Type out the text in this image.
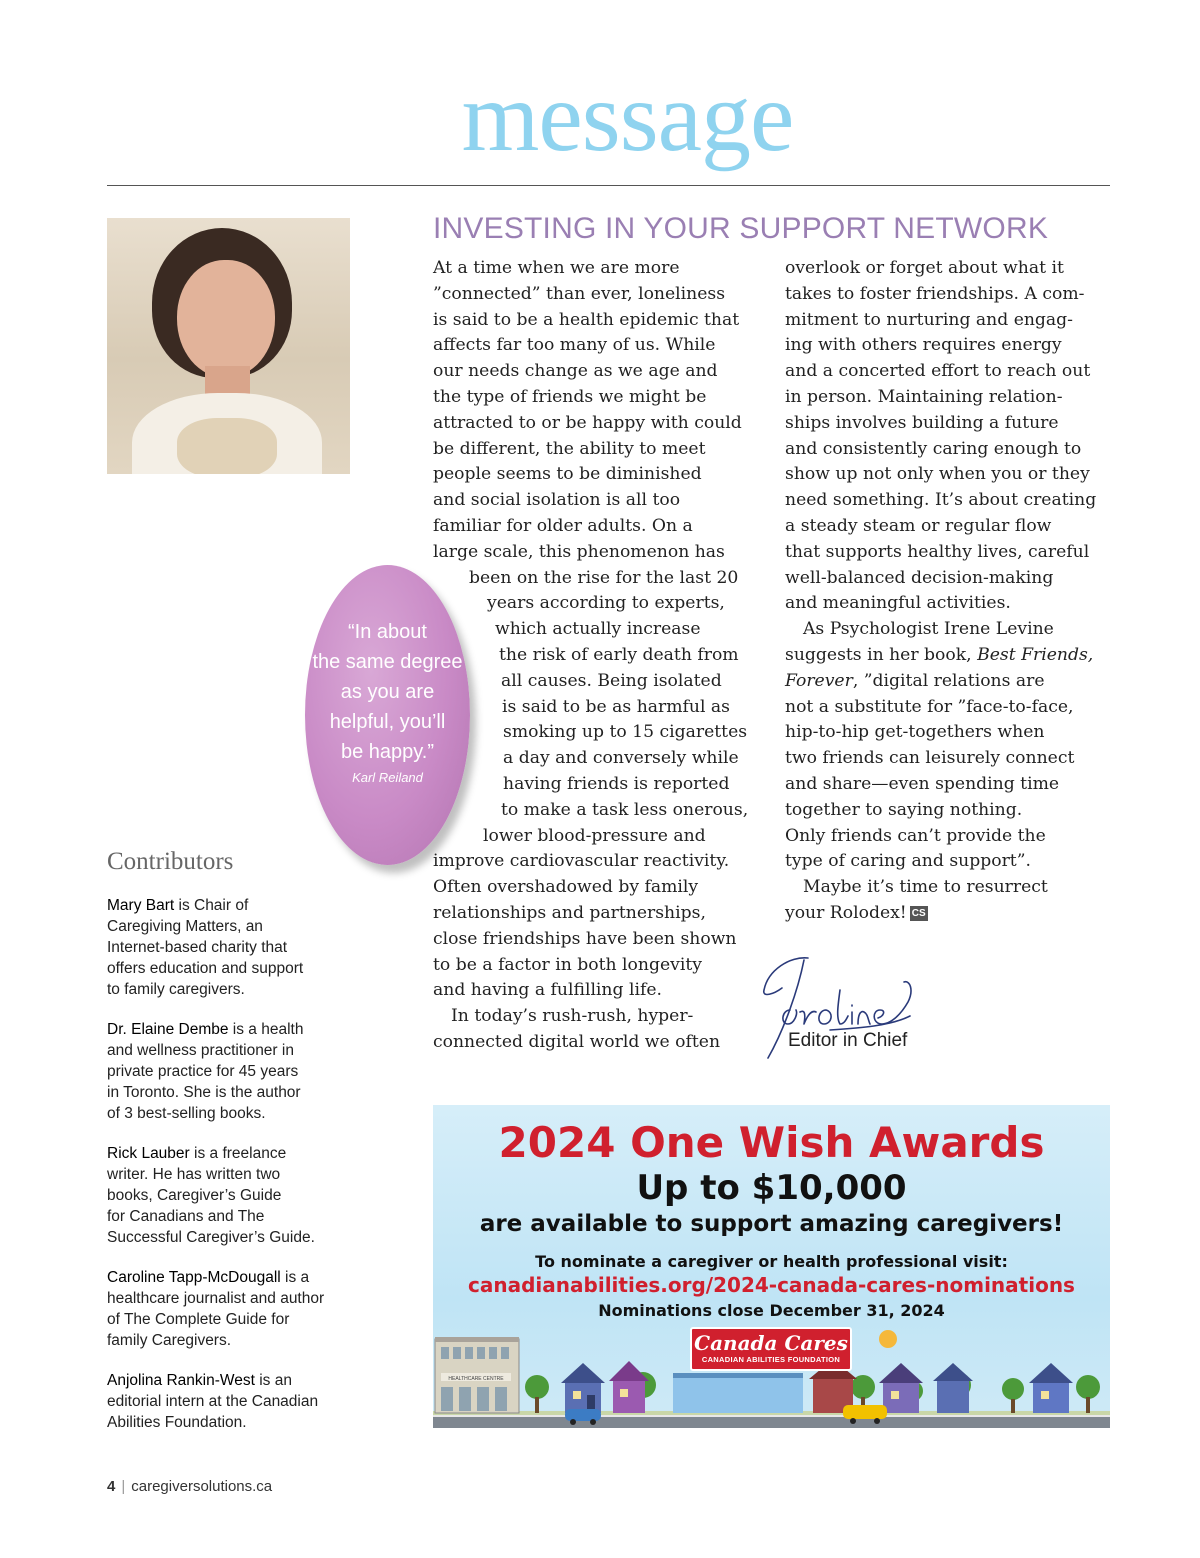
message
INVESTING IN YOUR SUPPORT NETWORK
At a time when we are more
”connected” than ever, loneliness
is said to be a health epidemic that
affects far too many of us. While
our needs change as we age and
the type of friends we might be
attracted to or be happy with could
be different, the ability to meet
people seems to be diminished
and social isolation is all too
familiar for older adults. On a
large scale, this phenomenon has
been on the rise for the last 20
years according to experts,
which actually increase
the risk of early death from
all causes. Being isolated
is said to be as harmful as
smoking up to 15 cigarettes
a day and conversely while
having friends is reported
to make a task less onerous,
lower blood-pressure and
improve cardiovascular reactivity.
Often overshadowed by family
relationships and partnerships,
close friendships have been shown
to be a factor in both longevity
and having a fulfilling life.
In today’s rush-rush, hyper-
connected digital world we often
overlook or forget about what it
takes to foster friendships. A com-
mitment to nurturing and engag-
ing with others requires energy
and a concerted effort to reach out
in person. Maintaining relation-
ships involves building a future
and consistently caring enough to
show up not only when you or they
need something. It’s about creating
a steady steam or regular flow
that supports healthy lives, careful
well-balanced decision-making
and meaningful activities.
As Psychologist Irene Levine
suggests in her book, Best Friends,
Forever, ”digital relations are
not a substitute for ”face-to-face,
hip-to-hip get-togethers when
two friends can leisurely connect
and share—even spending time
together to saying nothing.
Only friends can’t provide the
type of caring and support”.
Maybe it’s time to resurrect
your Rolodex! CS
“In about
the same degree
as you are
helpful, you’ll
be happy.”
Karl Reiland
Editor in Chief
Contributors
Mary Bart is Chair of
Caregiving Matters, an
Internet-based charity that
offers education and support
to family caregivers.
Dr. Elaine Dembe is a health
and wellness practitioner in
private practice for 45 years
in Toronto. She is the author
of 3 best-selling books.
Rick Lauber is a freelance
writer. He has written two
books, Caregiver’s Guide
for Canadians and The
Successful Caregiver’s Guide.
Caroline Tapp-McDougall is a
healthcare journalist and author
of The Complete Guide for
family Caregivers.
Anjolina Rankin-West is an
editorial intern at the Canadian
Abilities Foundation.
2024 One Wish Awards
Up to $10,000
are available to support amazing caregivers!
To nominate a caregiver or health professional visit:
canadianabilities.org/2024-canada-cares-nominations
Nominations close December 31, 2024
HEALTHCARE CENTRE
Canada Cares
CANADIAN ABILITIES FOUNDATION
4 | caregiversolutions.ca
